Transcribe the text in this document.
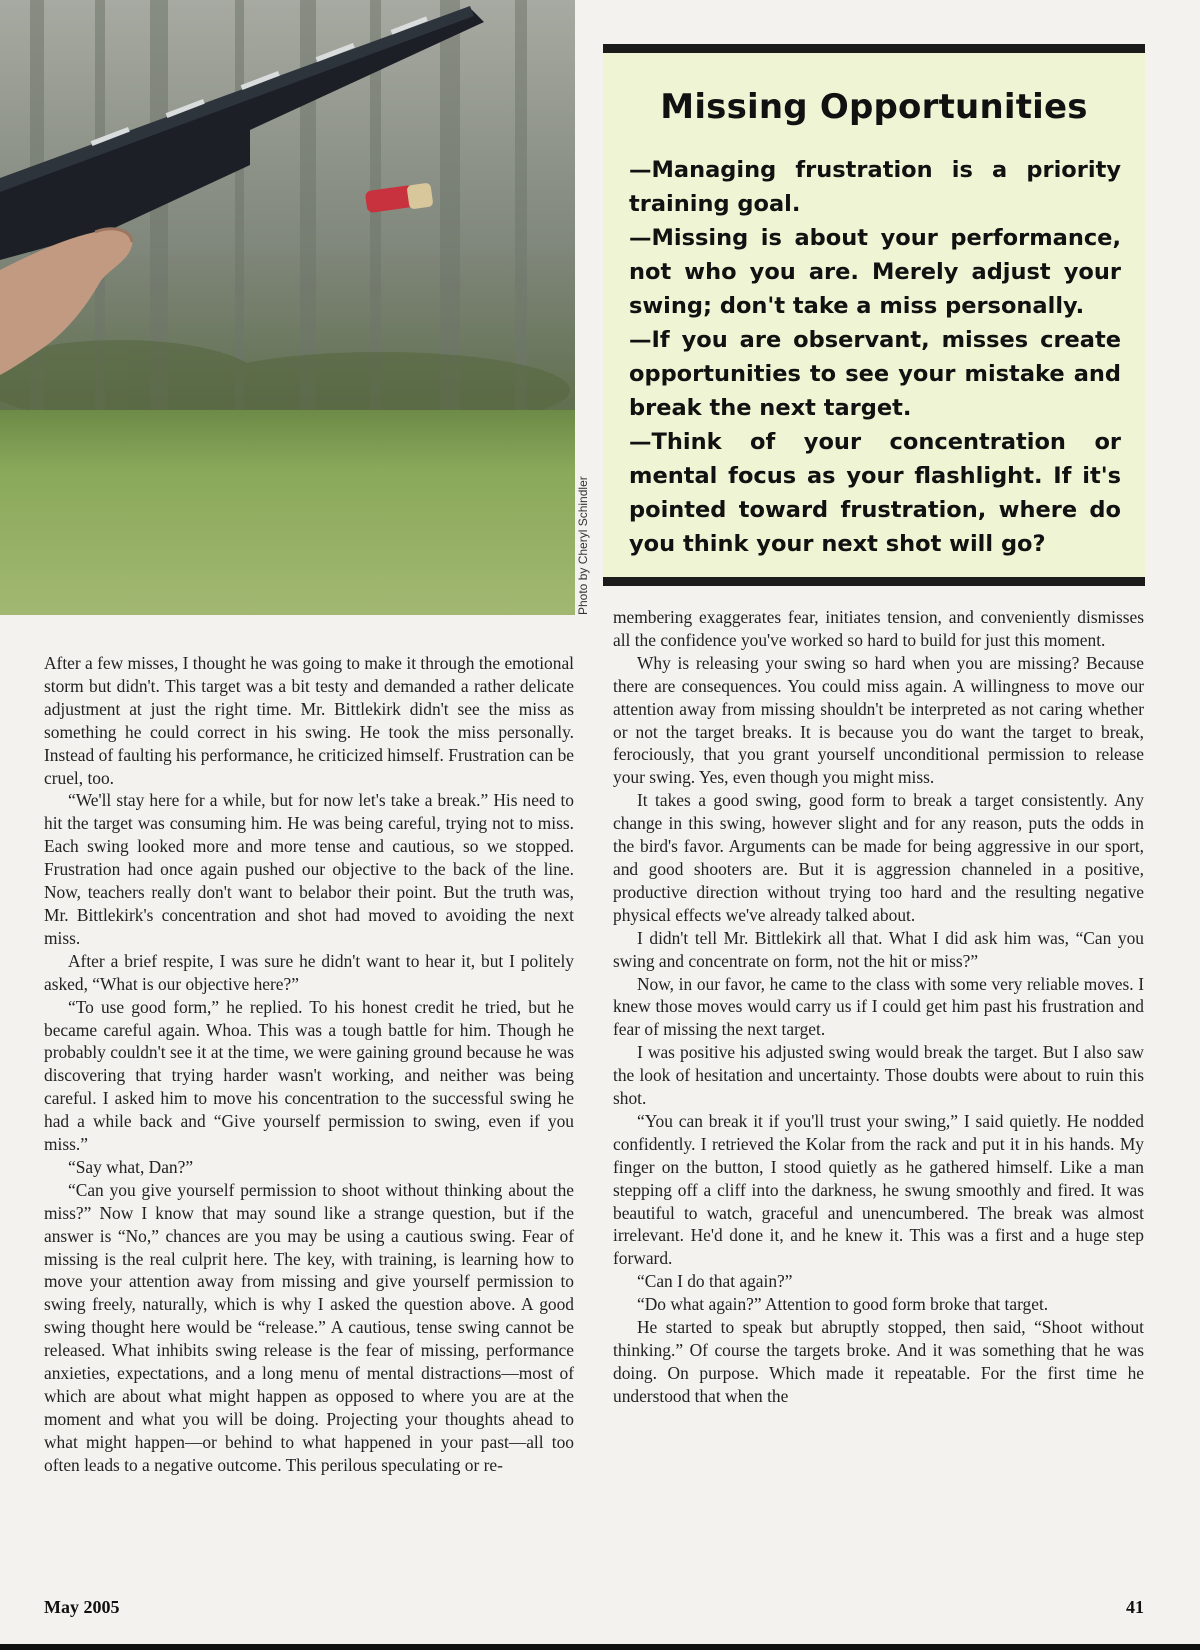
Photo by Cheryl Schindler
Missing Opportunities
—Managing frustration is a priority training goal.
—Missing is about your performance, not who you are. Merely adjust your swing; don't take a miss personally.
—If you are observant, misses create opportunities to see your mistake and break the next target.
—Think of your concentration or mental focus as your flashlight. If it's pointed toward frustration, where do you think your next shot will go?

After a few misses, I thought he was going to make it through the emotional storm but didn't. This target was a bit testy and demanded a rather delicate adjustment at just the right time. Mr. Bittlekirk didn't see the miss as something he could correct in his swing. He took the miss personally. Instead of faulting his performance, he criticized himself. Frustration can be cruel, too.

“We'll stay here for a while, but for now let's take a break.” His need to hit the target was consuming him. He was being careful, trying not to miss. Each swing looked more and more tense and cautious, so we stopped. Frustration had once again pushed our objective to the back of the line. Now, teachers really don't want to belabor their point. But the truth was, Mr. Bittlekirk's concentration and shot had moved to avoiding the next miss.

After a brief respite, I was sure he didn't want to hear it, but I politely asked, “What is our objective here?”

“To use good form,” he replied. To his honest credit he tried, but he became careful again. Whoa. This was a tough battle for him. Though he probably couldn't see it at the time, we were gaining ground because he was discovering that trying harder wasn't working, and neither was being careful. I asked him to move his concentration to the successful swing he had a while back and “Give yourself permission to swing, even if you miss.”

“Say what, Dan?”

“Can you give yourself permission to shoot without thinking about the miss?” Now I know that may sound like a strange question, but if the answer is “No,” chances are you may be using a cautious swing. Fear of missing is the real culprit here. The key, with training, is learning how to move your attention away from missing and give yourself permission to swing freely, naturally, which is why I asked the question above. A good swing thought here would be “release.” A cautious, tense swing cannot be released. What inhibits swing release is the fear of missing, performance anxieties, expectations, and a long menu of mental distractions—most of which are about what might happen as opposed to where you are at the moment and what you will be doing. Projecting your thoughts ahead to what might happen—or behind to what happened in your past—all too often leads to a negative outcome. This perilous speculating or re-

membering exaggerates fear, initiates tension, and conveniently dismisses all the confidence you've worked so hard to build for just this moment.

Why is releasing your swing so hard when you are missing? Because there are consequences. You could miss again. A willingness to move our attention away from missing shouldn't be interpreted as not caring whether or not the target breaks. It is because you do want the target to break, ferociously, that you grant yourself unconditional permission to release your swing. Yes, even though you might miss.

It takes a good swing, good form to break a target consistently. Any change in this swing, however slight and for any reason, puts the odds in the bird's favor. Arguments can be made for being aggressive in our sport, and good shooters are. But it is aggression channeled in a positive, productive direction without trying too hard and the resulting negative physical effects we've already talked about.

I didn't tell Mr. Bittlekirk all that. What I did ask him was, “Can you swing and concentrate on form, not the hit or miss?”

Now, in our favor, he came to the class with some very reliable moves. I knew those moves would carry us if I could get him past his frustration and fear of missing the next target.

I was positive his adjusted swing would break the target. But I also saw the look of hesitation and uncertainty. Those doubts were about to ruin this shot.

“You can break it if you'll trust your swing,” I said quietly. He nodded confidently. I retrieved the Kolar from the rack and put it in his hands. My finger on the button, I stood quietly as he gathered himself. Like a man stepping off a cliff into the darkness, he swung smoothly and fired. It was beautiful to watch, graceful and unencumbered. The break was almost irrelevant. He'd done it, and he knew it. This was a first and a huge step forward.

“Can I do that again?”

“Do what again?” Attention to good form broke that target.

He started to speak but abruptly stopped, then said, “Shoot without thinking.” Of course the targets broke. And it was something that he was doing. On purpose. Which made it repeatable. For the first time he understood that when the

May 2005	41
